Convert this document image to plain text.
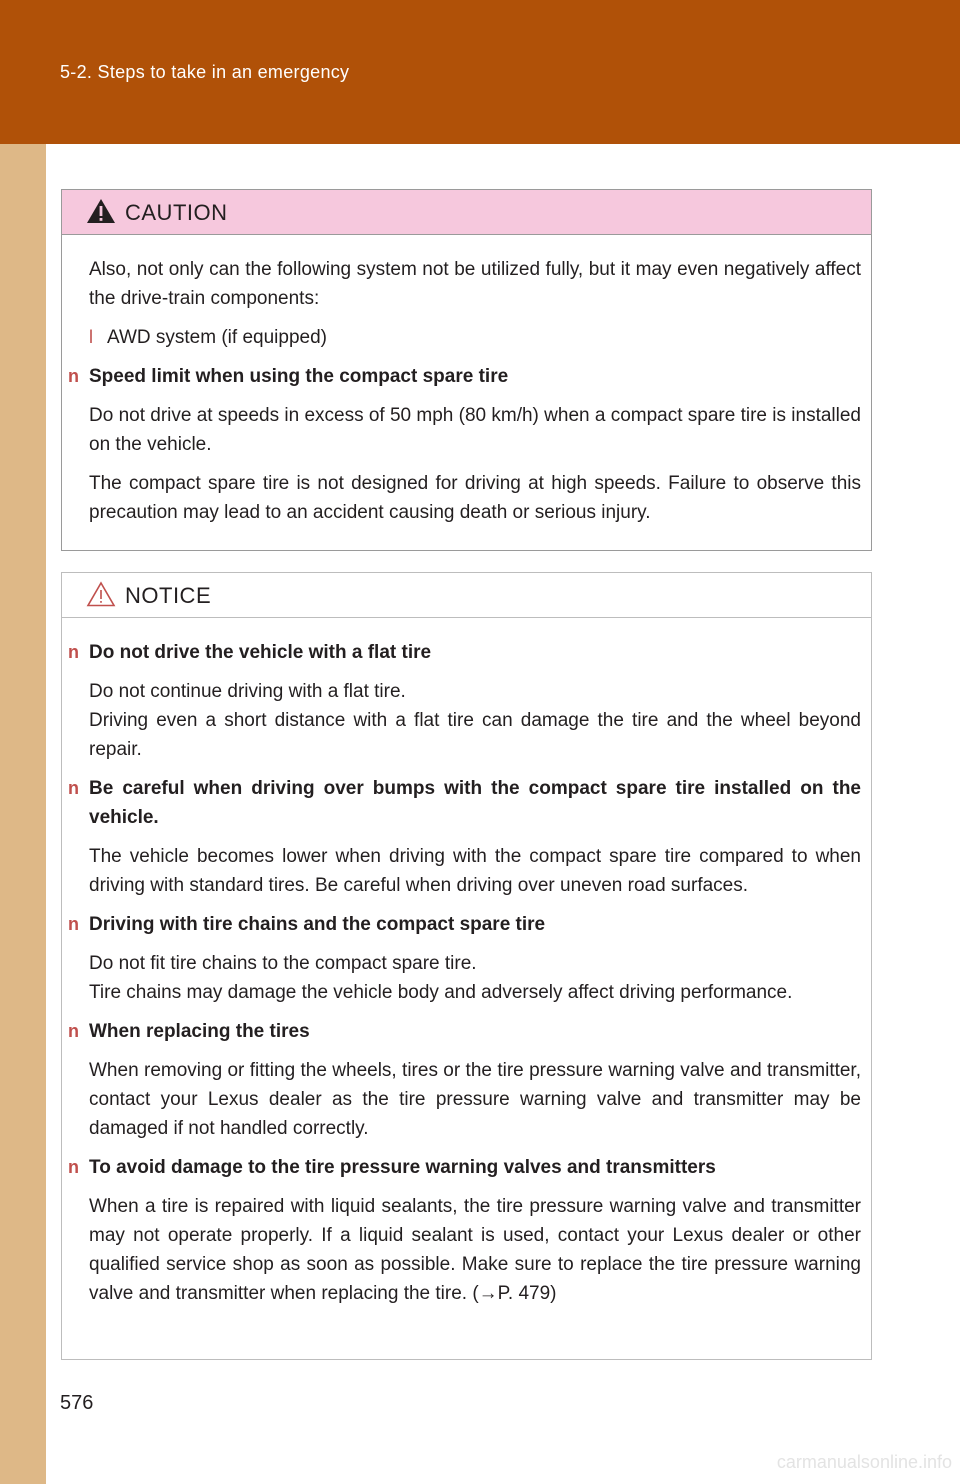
5-2. Steps to take in an emergency
CAUTION

Also, not only can the following system not be utilized fully, but it may even negatively affect the drive-train components:

l AWD system (if equipped)
n Speed limit when using the compact spare tire

Do not drive at speeds in excess of 50 mph (80 km/h) when a compact spare tire is installed on the vehicle.

The compact spare tire is not designed for driving at high speeds. Failure to observe this precaution may lead to an accident causing death or serious injury.

NOTICE
n Do not drive the vehicle with a flat tire

Do not continue driving with a flat tire.
Driving even a short distance with a flat tire can damage the tire and the wheel beyond repair.

n Be careful when driving over bumps with the compact spare tire installed on the vehicle.

The vehicle becomes lower when driving with the compact spare tire compared to when driving with standard tires. Be careful when driving over uneven road surfaces.

n Driving with tire chains and the compact spare tire

Do not fit tire chains to the compact spare tire.
Tire chains may damage the vehicle body and adversely affect driving performance.

n When replacing the tires

When removing or fitting the wheels, tires or the tire pressure warning valve and transmitter, contact your Lexus dealer as the tire pressure warning valve and transmitter may be damaged if not handled correctly.

n To avoid damage to the tire pressure warning valves and transmitters

When a tire is repaired with liquid sealants, the tire pressure warning valve and transmitter may not operate properly. If a liquid sealant is used, contact your Lexus dealer or other qualified service shop as soon as possible. Make sure to replace the tire pressure warning valve and transmitter when replacing the tire. (→P. 479)

576
carmanualsonline.info
